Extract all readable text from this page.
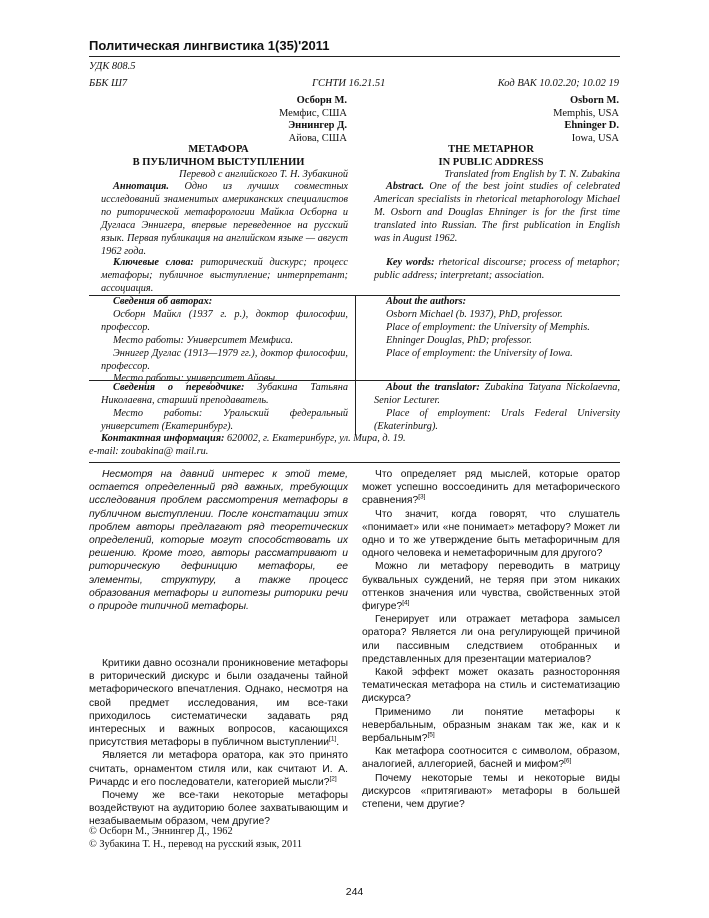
Политическая лингвистика 1(35)'2011
УДК 808.5
ББК Ш7	ГСНТИ 16.21.51	Код ВАК 10.02.20; 10.02 19
Осборн М.
Мемфис, США
Эннингер Д.
Айова, США
Osborn M.
Memphis, USA
Ehninger D.
Iowa, USA
МЕТАФОРА
В ПУБЛИЧНОМ ВЫСТУПЛЕНИИ
THE METAPHOR
IN PUBLIC ADDRESS
Перевод с английского Т. Н. Зубакиной	Translated from English by T. N. Zubakina

Аннотация. Одно из лучших совместных исследований знаменитых американских специалистов по риторической метафорологии Майкла Осборна и Дугласа Эннигера, впервые переведенное на русский язык. Первая публикация на английском языке — август 1962 года.

Abstract. One of the best joint studies of celebrated American specialists in rhetorical metaphorology Michael M. Osborn and Douglas Ehninger is for the first time translated into Russian. The first publication in English was in August 1962.

Ключевые слова: риторический дискурс; процесс метафоры; публичное выступление; интерпретант; ассоциация.

Key words: rhetorical discourse; process of metaphor; public address; interpretant; association.

Сведения об авторах:

Осборн Майкл (1937 г. р.), доктор философии, профессор.

Место работы: Университет Мемфиса.

Эннигер Дуглас (1913—1979 гг.), доктор философии, профессор.

Место работы: университет Айовы.

About the authors:

Osborn Michael (b. 1937), PhD, professor.

Place of employment: the University of Memphis.

Ehninger Douglas, PhD; professor.

Place of employment: the University of Iowa.

Сведения о переводчике: Зубакина Татьяна Николаевна, старший преподаватель.

Место работы: Уральский федеральный университет (Екатеринбург).

About the translator: Zubakina Tatyana Nickolaevna, Senior Lecturer.

Place of employment: Urals Federal University (Ekaterinburg).

Контактная информация: 620002, г. Екатеринбург, ул. Мира, д. 19.

e-mail: zoubakina@ mail.ru.

Несмотря на давний интерес к этой теме, остается определенный ряд важных, требующих исследования проблем рассмотрения метафоры в публичном выступлении. После констатации этих проблем авторы предлагают ряд теоретических определений, которые могут способствовать их решению. Кроме того, авторы рассматривают и риторическую дефиницию метафоры, ее элементы, структуру, а также процесс образования метафоры и гипотезы риторики речи о природе типичной метафоры.

Критики давно осознали проникновение метафоры в риторический дискурс и были озадачены тайной метафорического впечатления. Однако, несмотря на свой предмет исследования, им все-таки приходилось систематически задавать ряд интересных и важных вопросов, касающихся присутствия метафоры в публичном выступлении[1].

Является ли метафора оратора, как это принято считать, орнаментом стиля или, как считают И. А. Ричардс и его последователи, категорией мысли?[2]

Почему же все-таки некоторые метафоры воздействуют на аудиторию более захватывающим и незабываемым образом, чем другие?

Что определяет ряд мыслей, которые оратор может успешно воссоединить для метафорического сравнения?[3]

Что значит, когда говорят, что слушатель «понимает» или «не понимает» метафору? Может ли одно и то же утверждение быть метафоричным для одного человека и неметафоричным для другого?

Можно ли метафору переводить в матрицу буквальных суждений, не теряя при этом никаких оттенков значения или чувства, свойственных этой фигуре?[4]

Генерирует или отражает метафора замысел оратора? Является ли она регулирующей причиной или пассивным следствием отобранных и представленных для презентации материалов?

Какой эффект может оказать разносторонняя тематическая метафора на стиль и систематизацию дискурса?

Применимо ли понятие метафоры к невербальным, образным знакам так же, как и к вербальным?[5]

Как метафора соотносится с символом, образом, аналогией, аллегорией, басней и мифом?[6]

Почему некоторые темы и некоторые виды дискурсов «притягивают» метафоры в большей степени, чем другие?

© Осборн М., Эннингер Д., 1962
© Зубакина Т. Н., перевод на русский язык, 2011
244
